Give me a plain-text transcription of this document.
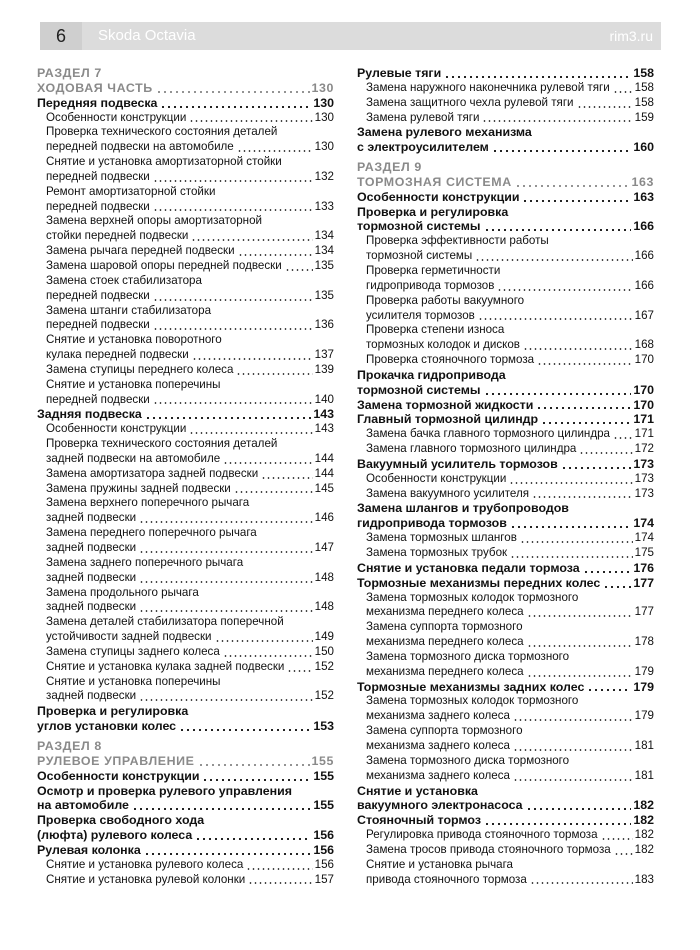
6	Skoda Octavia	rim3.ru
РАЗДЕЛ 7
ХОДОВАЯ ЧАСТЬ	130
Передняя подвеска	130
Особенности конструкции	130
Проверка технического состояния деталей
передней подвески на автомобиле	130
Снятие и установка амортизаторной стойки
передней подвески	132
Ремонт амортизаторной стойки
передней подвески	133
Замена верхней опоры амортизаторной
стойки передней подвески	134
Замена рычага передней подвески	134
Замена шаровой опоры передней подвески	135
Замена стоек стабилизатора
передней подвески	135
Замена штанги стабилизатора
передней подвески	136
Снятие и установка поворотного
кулака передней подвески	137
Замена ступицы переднего колеса	139
Снятие и установка поперечины
передней подвески	140
Задняя подвеска	143
Особенности конструкции	143
Проверка технического состояния деталей
задней подвески на автомобиле	144
Замена амортизатора задней подвески	144
Замена пружины задней подвески	145
Замена верхнего поперечного рычага
задней подвески	146
Замена переднего поперечного рычага
задней подвески	147
Замена заднего поперечного рычага
задней подвески	148
Замена продольного рычага
задней подвески	148
Замена деталей стабилизатора поперечной
устойчивости задней подвески	149
Замена ступицы заднего колеса	150
Снятие и установка кулака задней подвески	152
Снятие и установка поперечины
задней подвески	152
Проверка и регулировка
углов установки колес	153
РАЗДЕЛ 8
РУЛЕВОЕ УПРАВЛЕНИЕ	155
Особенности конструкции	155
Осмотр и проверка рулевого управления
на автомобиле	155
Проверка свободного хода
(люфта) рулевого колеса	156
Рулевая колонка	156
Снятие и установка рулевого колеса	156
Снятие и установка рулевой колонки	157
Рулевые тяги	158
Замена наружного наконечника рулевой тяги 158
Замена защитного чехла рулевой тяги	158
Замена рулевой тяги	159
Замена рулевого механизма
с электроусилителем	160
РАЗДЕЛ 9
ТОРМОЗНАЯ СИСТЕМА	163
Особенности конструкции	163
Проверка и регулировка
тормозной системы	166
Проверка эффективности работы
тормозной системы	166
Проверка герметичности
гидропривода тормозов	166
Проверка работы вакуумного
усилителя тормозов	167
Проверка степени износа
тормозных колодок и дисков	168
Проверка стояночного тормоза	170
Прокачка гидропривода
тормозной системы	170
Замена тормозной жидкости	170
Главный тормозной цилиндр	171
Замена бачка главного тормозного цилиндра 171
Замена главного тормозного цилиндра	172
Вакуумный усилитель тормозов	173
Особенности конструкции	173
Замена вакуумного усилителя	173
Замена шлангов и трубопроводов
гидропривода тормозов	174
Замена тормозных шлангов	174
Замена тормозных трубок	175
Снятие и установка педали тормоза	176
Тормозные механизмы передних колес	177
Замена тормозных колодок тормозного
механизма переднего колеса	177
Замена суппорта тормозного
механизма переднего колеса	178
Замена тормозного диска тормозного
механизма переднего колеса	179
Тормозные механизмы задних колес	179
Замена тормозных колодок тормозного
механизма заднего колеса	179
Замена суппорта тормозного
механизма заднего колеса	181
Замена тормозного диска тормозного
механизма заднего колеса	181
Снятие и установка
вакуумного электронасоса	182
Стояночный тормоз	182
Регулировка привода стояночного тормоза	182
Замена тросов привода стояночного тормоза 182
Снятие и установка рычага
привода стояночного тормоза	183
